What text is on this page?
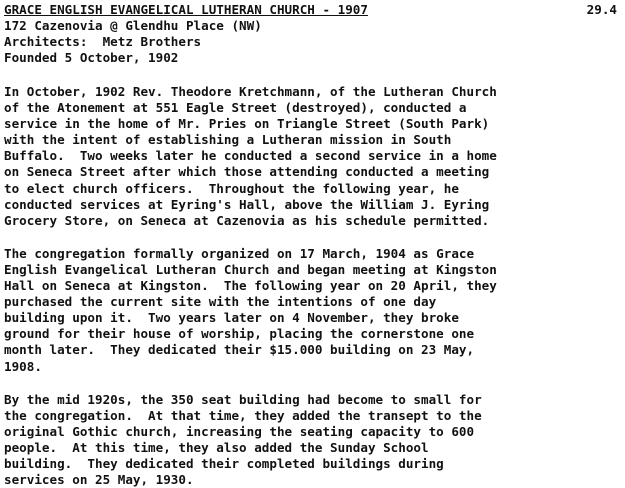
GRACE ENGLISH EVANGELICAL LUTHERAN CHURCH - 1907	29.4

172 Cazenovia @ Glendhu Place (NW)

Architects:  Metz Brothers

Founded 5 October, 1902

In October, 1902 Rev. Theodore Kretchmann, of the Lutheran Church

of the Atonement at 551 Eagle Street (destroyed), conducted a

service in the home of Mr. Pries on Triangle Street (South Park)

with the intent of establishing a Lutheran mission in South

Buffalo.  Two weeks later he conducted a second service in a home

on Seneca Street after which those attending conducted a meeting

to elect church officers.  Throughout the following year, he

conducted services at Eyring's Hall, above the William J. Eyring

Grocery Store, on Seneca at Cazenovia as his schedule permitted.

The congregation formally organized on 17 March, 1904 as Grace

English Evangelical Lutheran Church and began meeting at Kingston

Hall on Seneca at Kingston.  The following year on 20 April, they

purchased the current site with the intentions of one day

building upon it.  Two years later on 4 November, they broke

ground for their house of worship, placing the cornerstone one

month later.  They dedicated their $15.000 building on 23 May,

1908.

By the mid 1920s, the 350 seat building had become to small for

the congregation.  At that time, they added the transept to the

original Gothic church, increasing the seating capacity to 600

people.  At this time, they also added the Sunday School

building.  They dedicated their completed buildings during

services on 25 May, 1930.
